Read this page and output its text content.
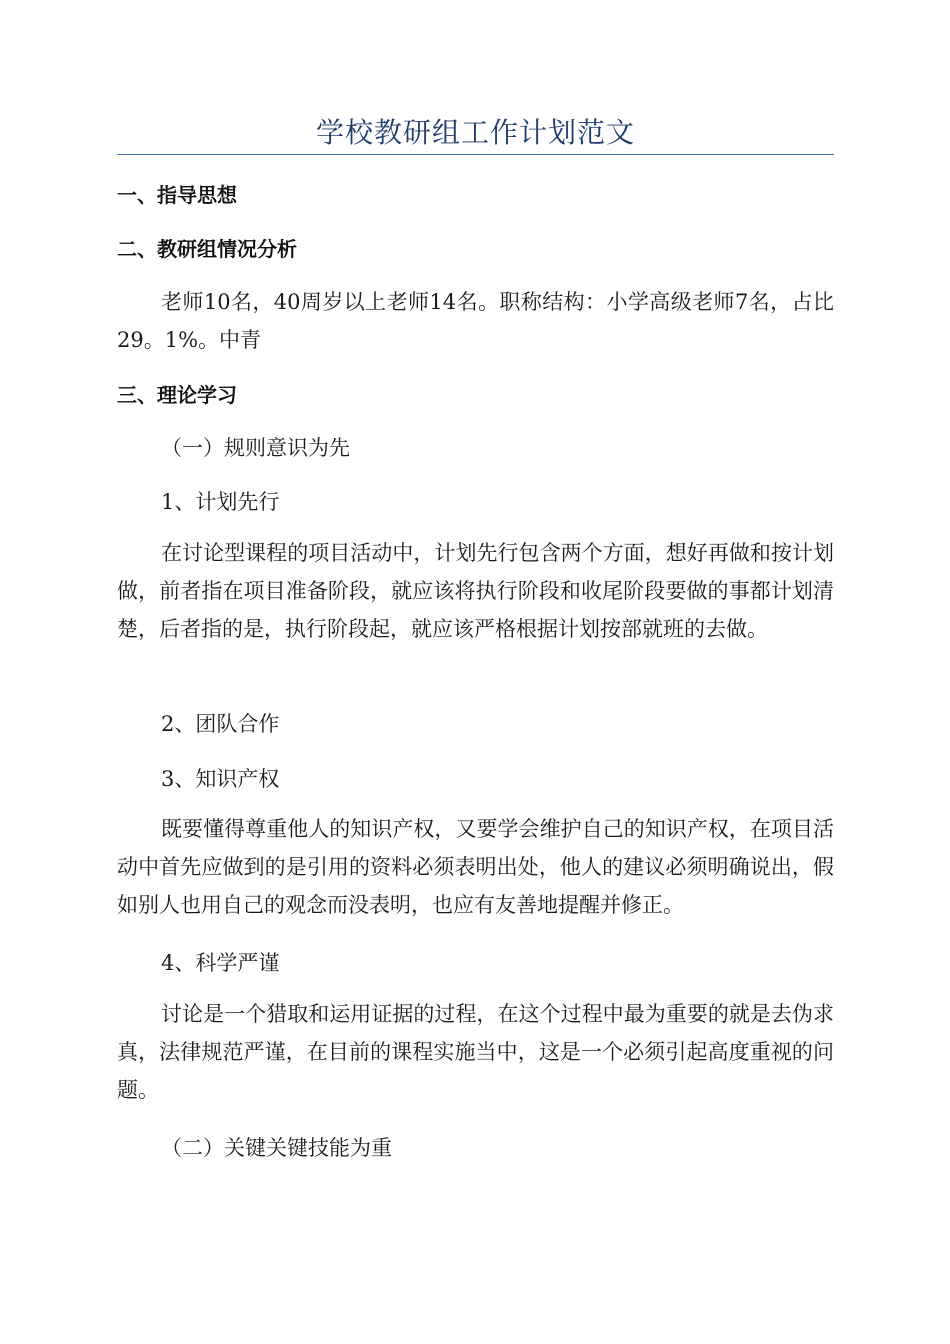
学校教研组工作计划范文
一、指导思想
二、教研组情况分析
老师10名，40周岁以上老师14名。职称结构：小学高级老师7名，占比29。1%。中青
三、理论学习
（一）规则意识为先
1、计划先行
在讨论型课程的项目活动中，计划先行包含两个方面，想好再做和按计划做，前者指在项目准备阶段，就应该将执行阶段和收尾阶段要做的事都计划清楚，后者指的是，执行阶段起，就应该严格根据计划按部就班的去做。
2、团队合作
3、知识产权
既要懂得尊重他人的知识产权，又要学会维护自己的知识产权，在项目活动中首先应做到的是引用的资料必须表明出处，他人的建议必须明确说出，假如别人也用自己的观念而没表明，也应有友善地提醒并修正。
4、科学严谨
讨论是一个猎取和运用证据的过程，在这个过程中最为重要的就是去伪求真，法律规范严谨，在目前的课程实施当中，这是一个必须引起高度重视的问题。
（二）关键关键技能为重
